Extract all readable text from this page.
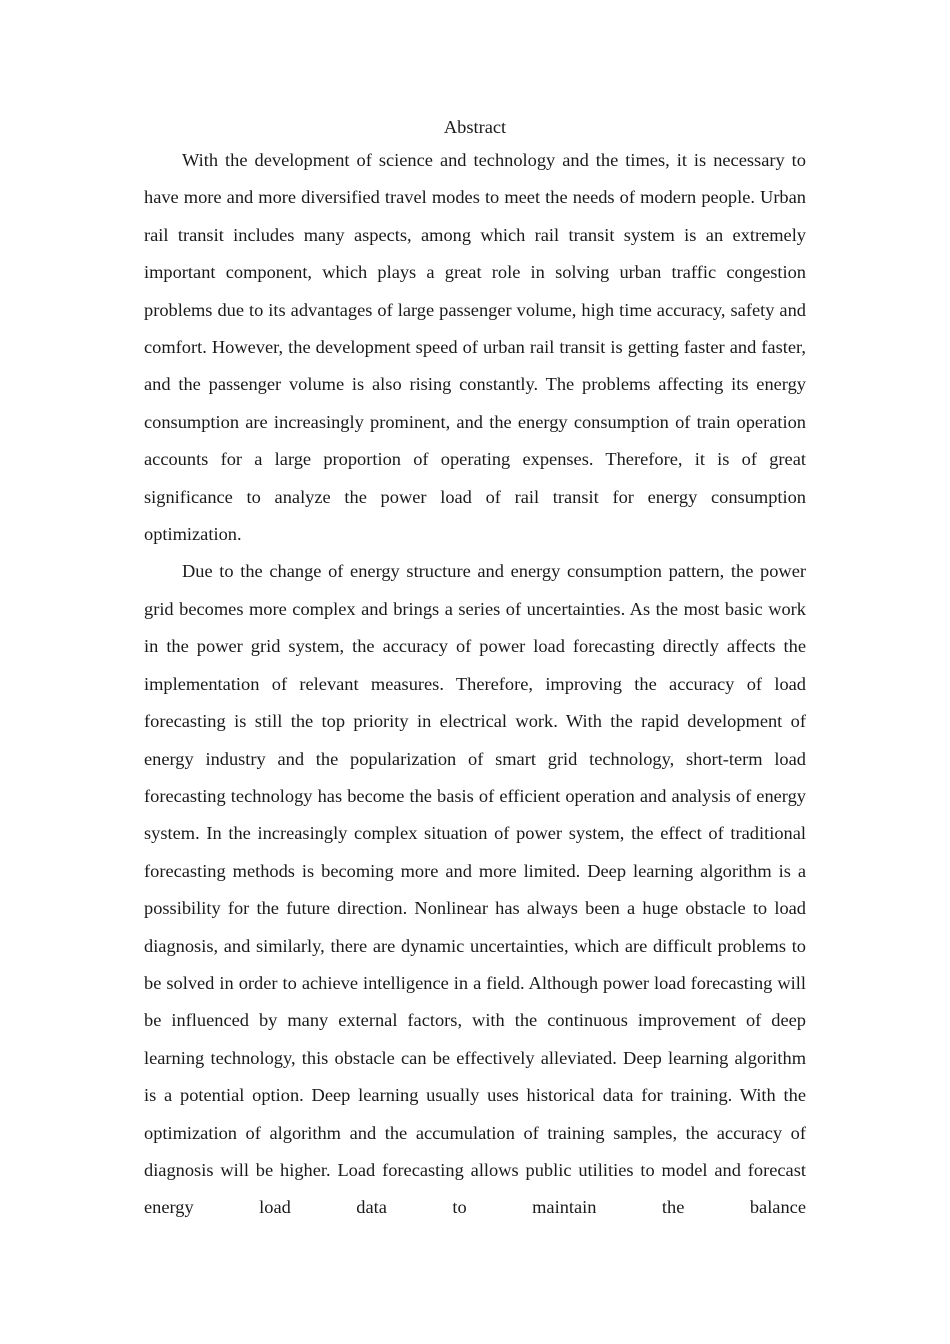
Abstract

With the development of science and technology and the times, it is necessary to have more and more diversified travel modes to meet the needs of modern people. Urban rail transit includes many aspects, among which rail transit system is an extremely important component, which plays a great role in solving urban traffic congestion problems due to its advantages of large passenger volume, high time accuracy, safety and comfort. However, the development speed of urban rail transit is getting faster and faster, and the passenger volume is also rising constantly. The problems affecting its energy consumption are increasingly prominent, and the energy consumption of train operation accounts for a large proportion of operating expenses. Therefore, it is of great significance to analyze the power load of rail transit for energy consumption optimization.

Due to the change of energy structure and energy consumption pattern, the power grid becomes more complex and brings a series of uncertainties. As the most basic work in the power grid system, the accuracy of power load forecasting directly affects the implementation of relevant measures. Therefore, improving the accuracy of load forecasting is still the top priority in electrical work. With the rapid development of energy industry and the popularization of smart grid technology, short-term load forecasting technology has become the basis of efficient operation and analysis of energy system. In the increasingly complex situation of power system, the effect of traditional forecasting methods is becoming more and more limited. Deep learning algorithm is a possibility for the future direction. Nonlinear has always been a huge obstacle to load diagnosis, and similarly, there are dynamic uncertainties, which are difficult problems to be solved in order to achieve intelligence in a field. Although power load forecasting will be influenced by many external factors, with the continuous improvement of deep learning technology, this obstacle can be effectively alleviated. Deep learning algorithm is a potential option. Deep learning usually uses historical data for training. With the optimization of algorithm and the accumulation of training samples, the accuracy of diagnosis will be higher. Load forecasting allows public utilities to model and forecast energy load data to maintain the balance
